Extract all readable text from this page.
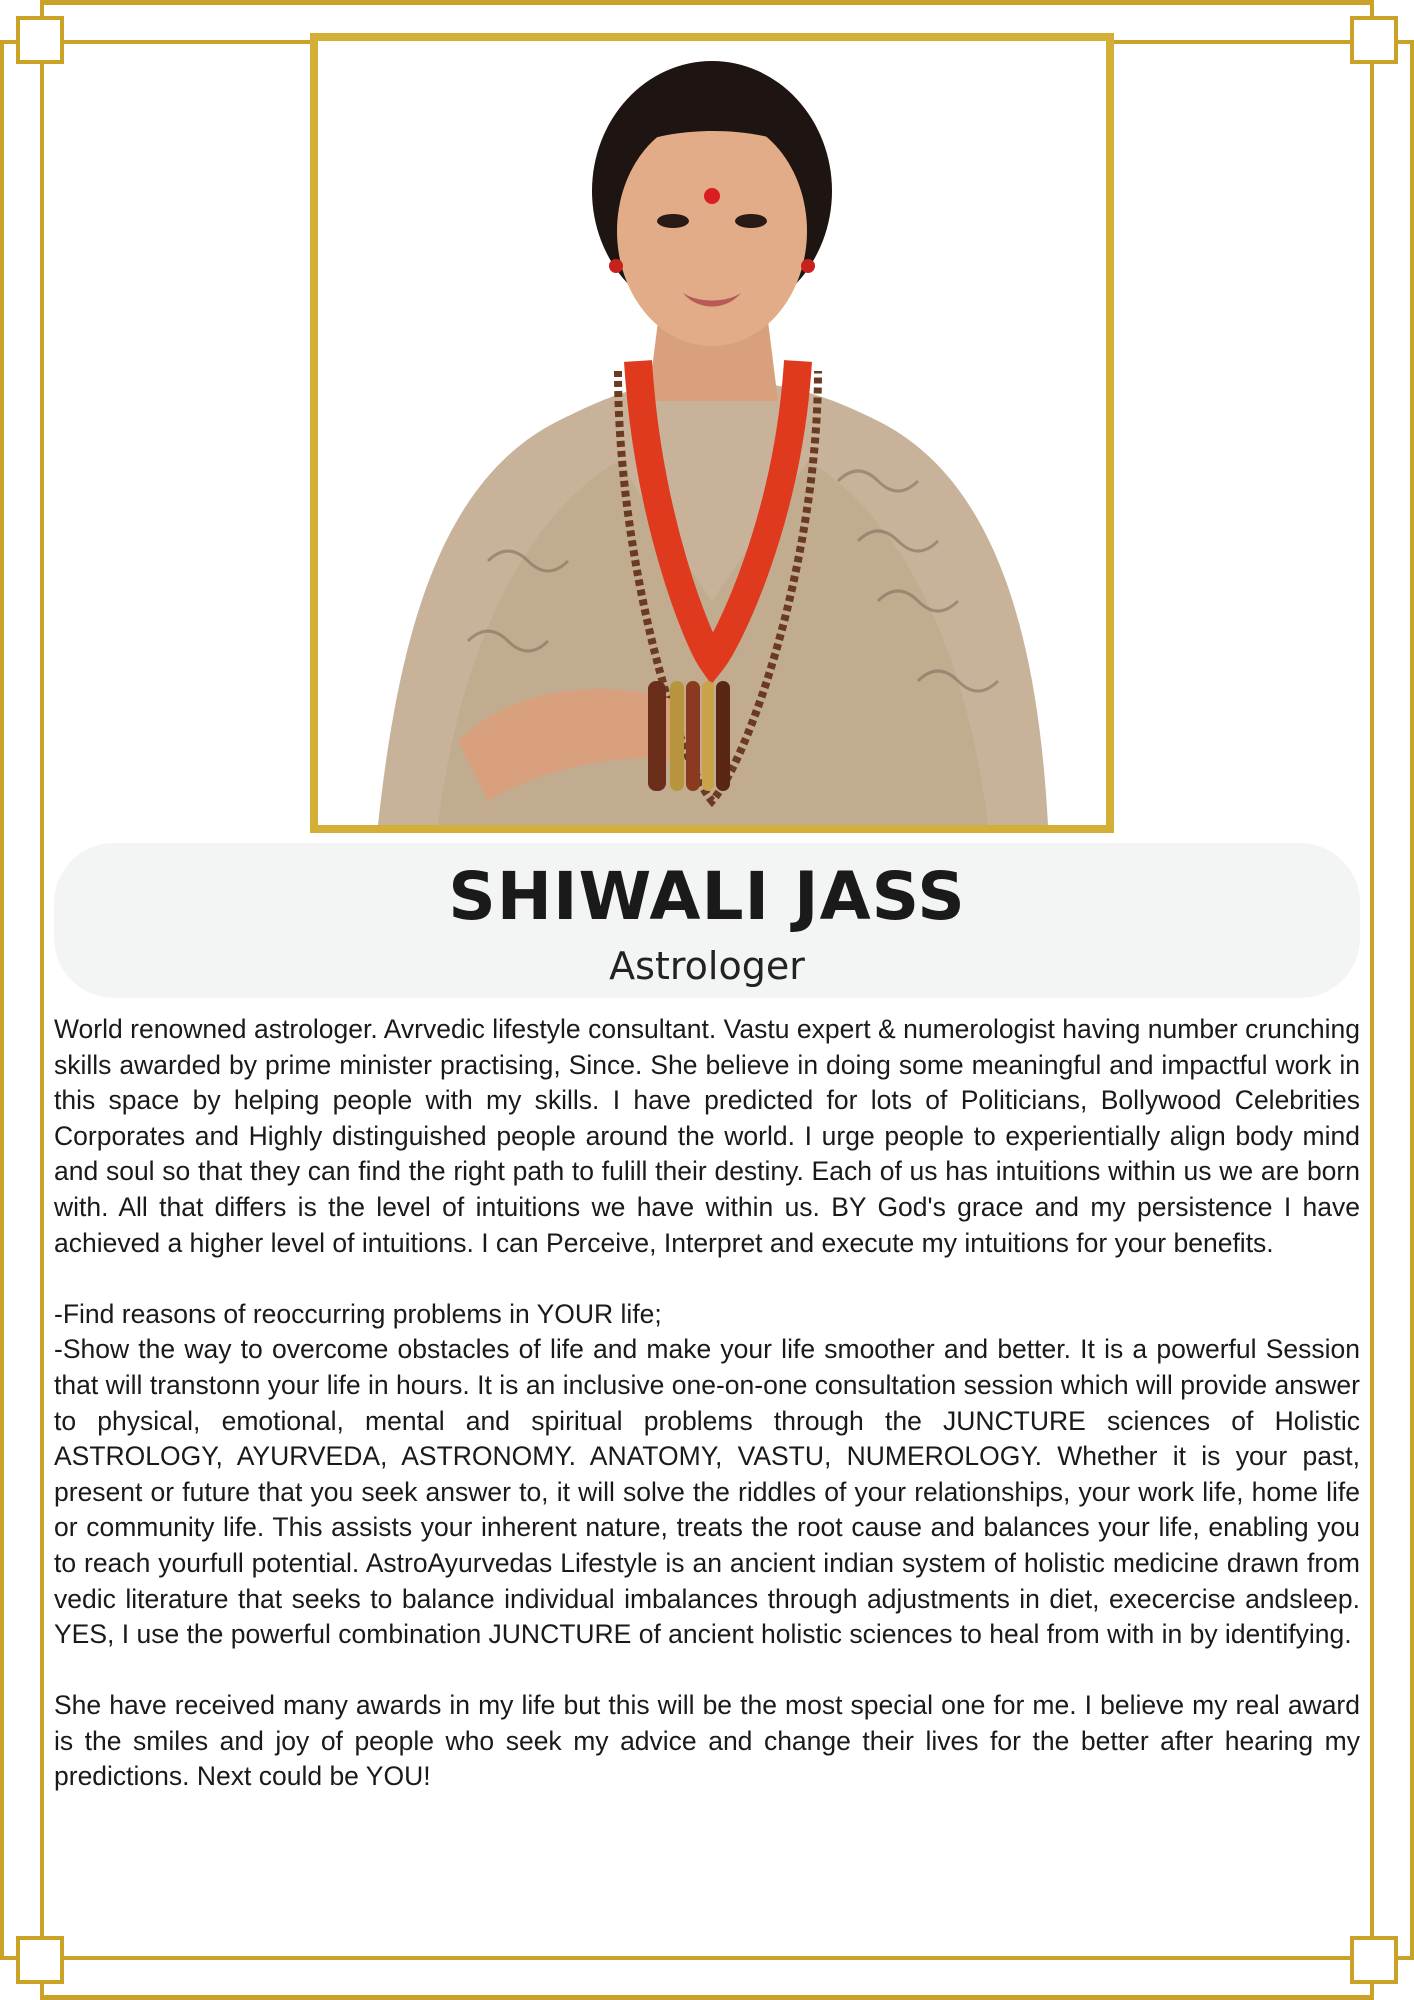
SHIWALI JASS
Astrologer

World renowned astrologer. Avrvedic lifestyle consultant. Vastu expert & numerologist having number crunching skills awarded by prime minister practising, Since. She believe in doing some meaningful and impactful work in this space by helping people with my skills. I have predicted for lots of Politicians, Bollywood Celebrities Corporates and Highly distinguished people around the world. I urge people to experientially align body mind and soul so that they can find the right path to fulill their destiny. Each of us has intuitions within us we are born with. All that differs is the level of intuitions we have within us. BY God's grace and my persistence I have achieved a higher level of intuitions. I can Perceive, Interpret and execute my intuitions for your benefits.

-Find reasons of reoccurring problems in YOUR life;

-Show the way to overcome obstacles of life and make your life smoother and better. It is a powerful Session that will transtonn your life in hours. It is an inclusive one-on-one consultation session which will provide answer to physical, emotional, mental and spiritual problems through the JUNCTURE sciences of Holistic ASTROLOGY, AYURVEDA, ASTRONOMY. ANATOMY, VASTU, NUMEROLOGY. Whether it is your past, present or future that you seek answer to, it will solve the riddles of your relationships, your work life, home life or community life. This assists your inherent nature, treats the root cause and balances your life, enabling you to reach yourfull potential. AstroAyurvedas Lifestyle is an ancient indian system of holistic medicine drawn from vedic literature that seeks to balance individual imbalances through adjustments in diet, execercise andsleep. YES, I use the powerful combination JUNCTURE of ancient holistic sciences to heal from with in by identifying.

She have received many awards in my life but this will be the most special one for me. I believe my real award is the smiles and joy of people who seek my advice and change their lives for the better after hearing my predictions. Next could be YOU!
